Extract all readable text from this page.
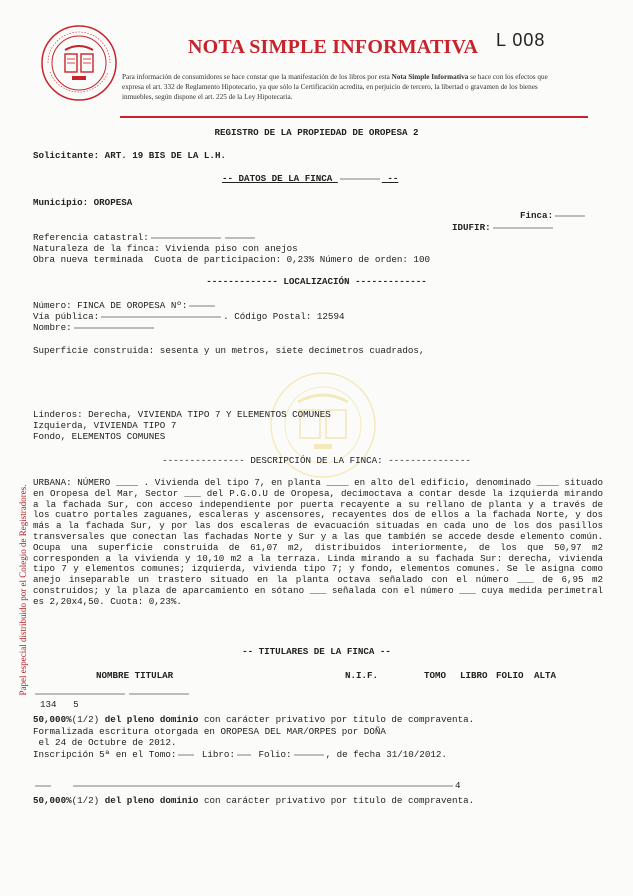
NOTA SIMPLE INFORMATIVA L 008
Para información de consumidores se hace constar que la manifestación de los libros por esta Nota Simple Informativa se hace con los efectos que expresa el art. 332 de Reglamento Hipotecario, ya que sólo la Certificación acredita, en perjuicio de tercero, la libertad o gravamen de los bienes inmuebles, según dispone el art. 225 de la Ley Hipotecaria.
Papel especial distribuido por el Colegio de Registradores.
REGISTRO DE LA PROPIEDAD DE OROPESA 2
Solicitante: ART. 19 BIS DE LA L.H.
-- DATOS DE LA FINCA	--
Municipio: OROPESA
Finca:
IDUFIR:
Referencia catastral:
Naturaleza de la finca: Vivienda piso con anejos
Obra nueva terminada  Cuota de participacion: 0,23% Número de orden: 100
------------- LOCALIZACIÓN -------------
Número: FINCA DE OROPESA Nº:
Vía pública:	. Código Postal: 12594
Nombre:
Superficie construida: sesenta y un metros, siete decimetros cuadrados,
Linderos: Derecha, VIVIENDA TIPO 7 Y ELEMENTOS COMUNES
Izquierda, VIVIENDA TIPO 7
Fondo, ELEMENTOS COMUNES
--------------- DESCRIPCIÓN DE LA FINCA: ---------------
URBANA: NÚMERO ____ . Vivienda del tipo 7, en planta ____ en alto del edificio, denominado ____ situado en Oropesa del Mar, Sector ___ del P.G.O.U de Oropesa, decimoctava a contar desde la izquierda mirando a la fachada Sur, con acceso independiente por puerta recayente a su rellano de planta y a través de los cuatro portales zaguanes, escaleras y ascensores, recayentes dos de ellos a la fachada Norte, y dos más a la fachada Sur, y por las dos escaleras de evacuación situadas en cada uno de los dos pasillos transversales que conectan las fachadas Norte y Sur y a las que también se accede desde elemento común. Ocupa una superficie construida de 61,07 m2, distribuidos interiormente, de los que 50,97 m2 corresponden a la vivienda y 10,10 m2 a la terraza. Linda mirando a su fachada Sur: derecha, vivienda tipo 7 y elementos comunes; izquierda, vivienda tipo 7; y fondo, elementos comunes. Se le asigna como anejo inseparable un trastero situado en la planta octava señalado con el número ___ de 6,95 m2 construidos; y la plaza de aparcamiento en sótano ___ señalada con el número ___ cuya medida perimetral es 2,20x4,50. Cuota: 0,23%.
-- TITULARES DE LA FINCA --
NOMBRE TITULAR	N.I.F.	TOMO LIBRO FOLIO ALTA
134   5
50,000%(1/2) del pleno dominio con carácter privativo por titulo de compraventa.
Formalizada escritura otorgada en OROPESA DEL MAR/ORPES por DOÑA
el 24 de Octubre de 2012.
Inscripción 5ª en el Tomo:	Libro:	Folio:	, de fecha 31/10/2012.
4
50,000%(1/2) del pleno dominio con carácter privativo por titulo de compraventa.
